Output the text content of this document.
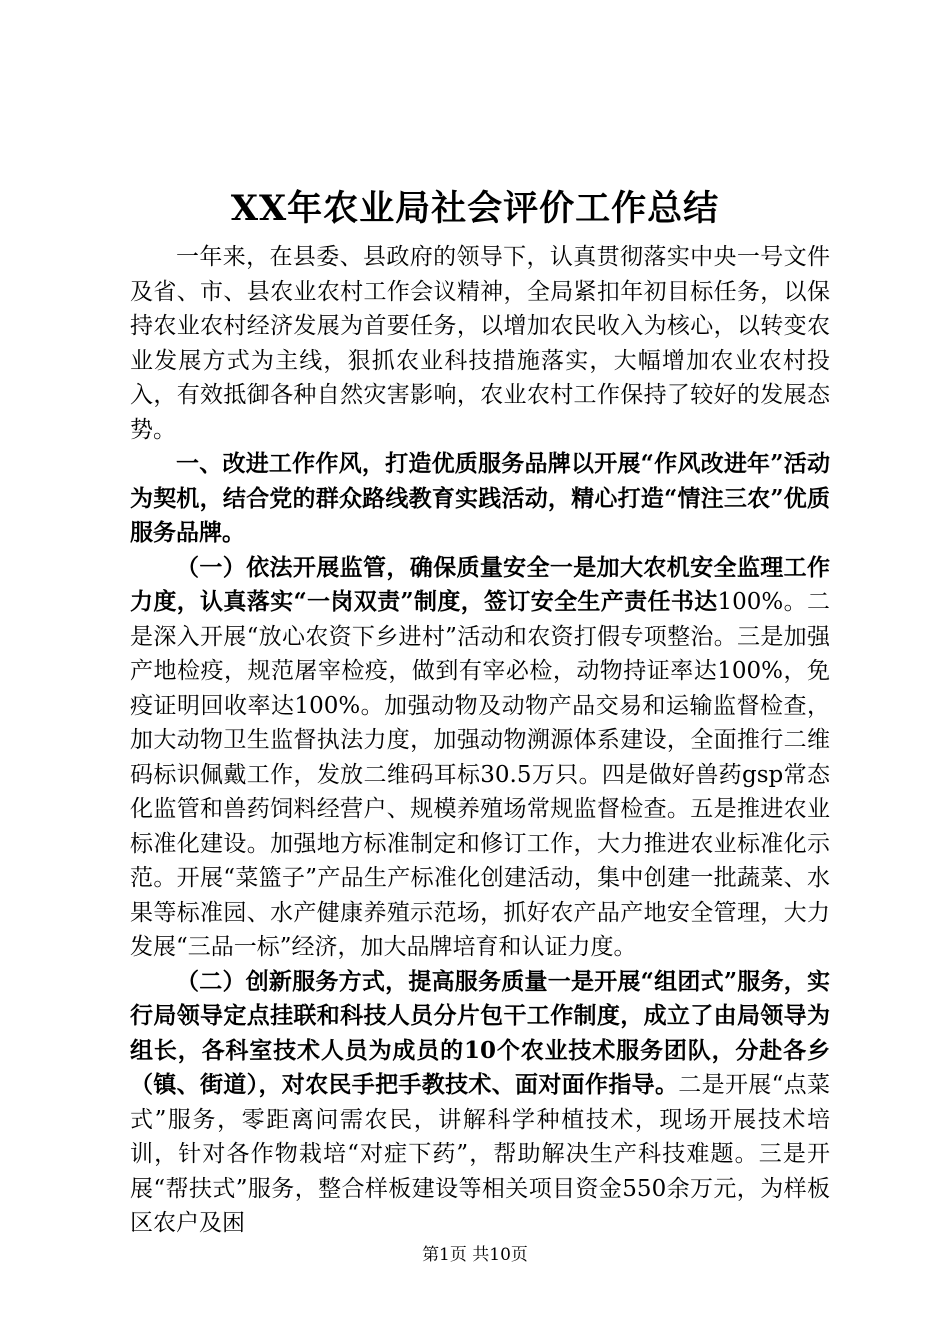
XX年农业局社会评价工作总结

一年来，在县委、县政府的领导下，认真贯彻落实中央一号文件及省、市、县农业农村工作会议精神，全局紧扣年初目标任务，以保持农业农村经济发展为首要任务，以增加农民收入为核心，以转变农业发展方式为主线，狠抓农业科技措施落实，大幅增加农业农村投入，有效抵御各种自然灾害影响，农业农村工作保持了较好的发展态势。

一、改进工作作风，打造优质服务品牌以开展“作风改进年”活动为契机，结合党的群众路线教育实践活动，精心打造“情注三农”优质服务品牌。

（一）依法开展监管，确保质量安全一是加大农机安全监理工作力度，认真落实“一岗双责”制度，签订安全生产责任书达100%。二是深入开展“放心农资下乡进村”活动和农资打假专项整治。三是加强产地检疫，规范屠宰检疫，做到有宰必检，动物持证率达100%，免疫证明回收率达100%。加强动物及动物产品交易和运输监督检查，加大动物卫生监督执法力度，加强动物溯源体系建设，全面推行二维码标识佩戴工作，发放二维码耳标30.5万只。四是做好兽药gsp常态化监管和兽药饲料经营户、规模养殖场常规监督检查。五是推进农业标准化建设。加强地方标准制定和修订工作，大力推进农业标准化示范。开展“菜篮子”产品生产标准化创建活动，集中创建一批蔬菜、水果等标准园、水产健康养殖示范场，抓好农产品产地安全管理，大力发展“三品一标”经济，加大品牌培育和认证力度。

（二）创新服务方式，提高服务质量一是开展“组团式”服务，实行局领导定点挂联和科技人员分片包干工作制度，成立了由局领导为组长，各科室技术人员为成员的10个农业技术服务团队，分赴各乡（镇、街道），对农民手把手教技术、面对面作指导。二是开展“点菜式”服务，零距离问需农民，讲解科学种植技术，现场开展技术培训，针对各作物栽培“对症下药”，帮助解决生产科技难题。三是开展“帮扶式”服务，整合样板建设等相关项目资金550余万元，为样板区农户及困

第1页 共10页
